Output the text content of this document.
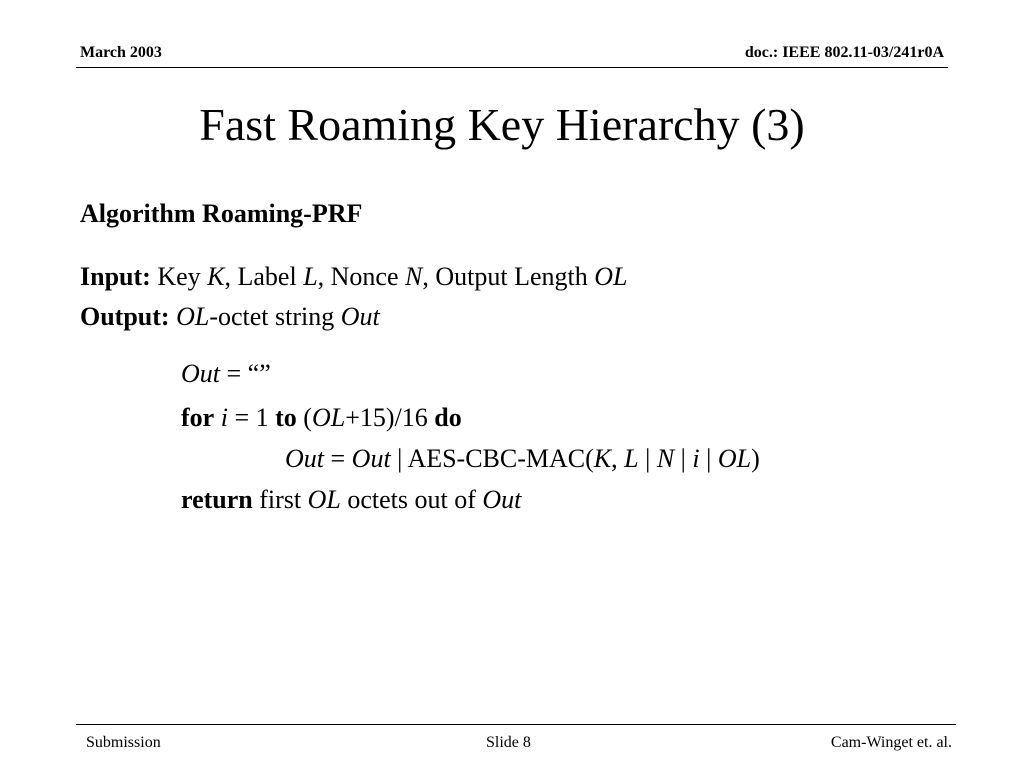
March 2003	doc.: IEEE 802.11-03/241r0A
Fast Roaming Key Hierarchy (3)
Algorithm Roaming-PRF
Input: Key K, Label L, Nonce N, Output Length OL
Output: OL-octet string Out
Out = “”
for i = 1 to (OL+15)/16 do
Out = Out | AES-CBC-MAC(K, L | N | i | OL)
return first OL octets out of Out
Submission	Slide 8	Cam-Winget et. al.
